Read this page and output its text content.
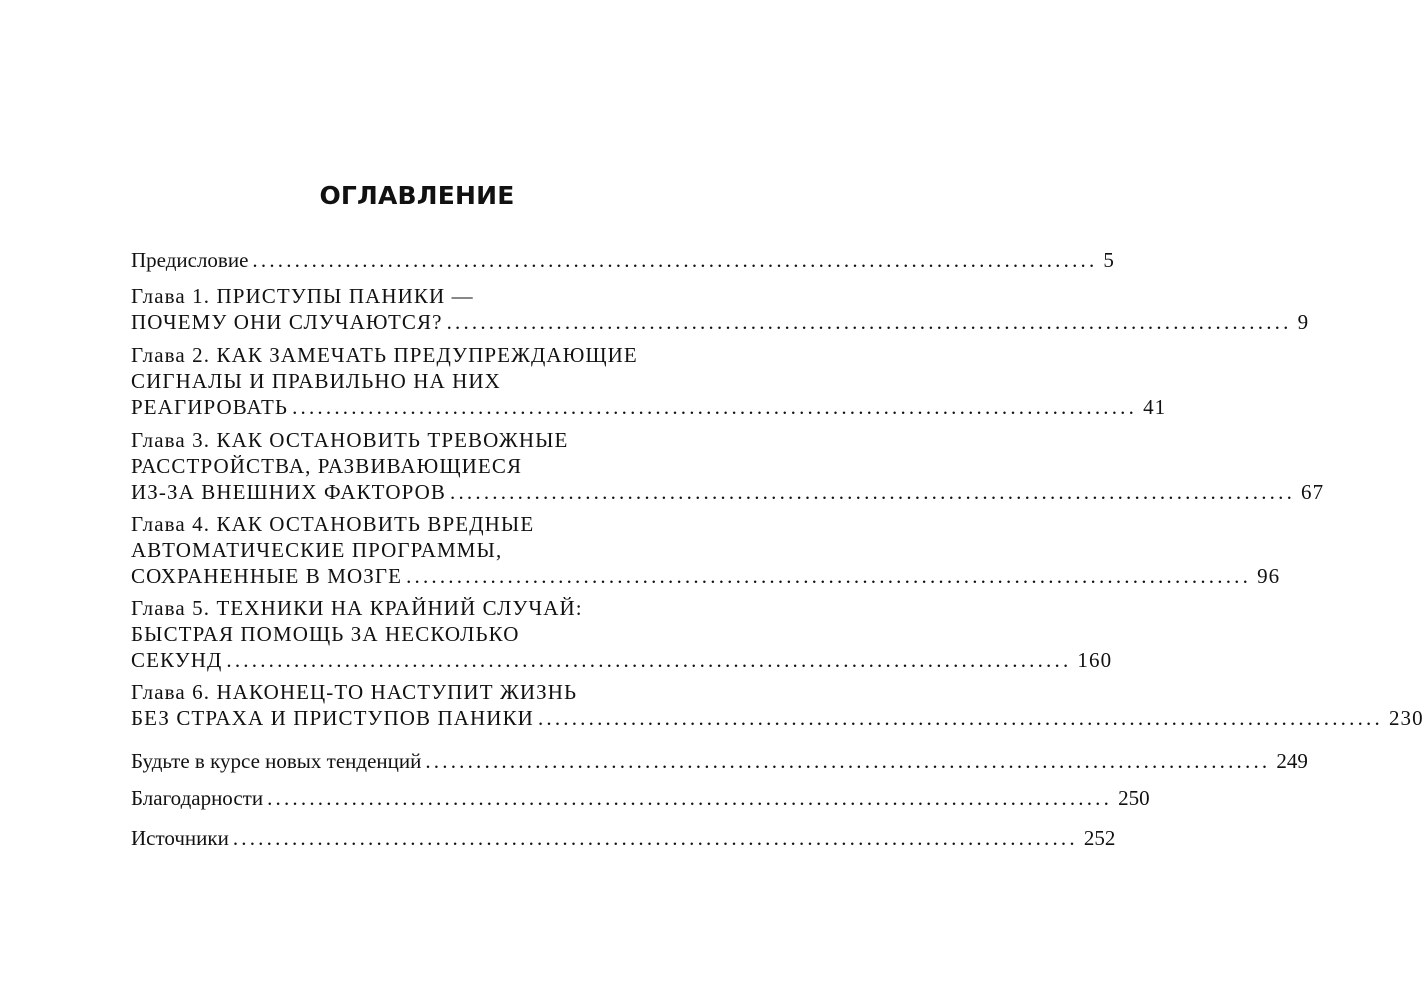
ОГЛАВЛЕНИЕ
Предисловие .................................................................................................... 5
Глава 1. ПРИСТУПЫ ПАНИКИ —
ПОЧЕМУ ОНИ СЛУЧАЮТСЯ? .................................................................................................... 9
Глава 2. КАК ЗАМЕЧАТЬ ПРЕДУПРЕЖДАЮЩИЕ
СИГНАЛЫ И ПРАВИЛЬНО НА НИХ
РЕАГИРОВАТЬ .................................................................................................... 41
Глава 3. КАК ОСТАНОВИТЬ ТРЕВОЖНЫЕ
РАССТРОЙСТВА, РАЗВИВАЮЩИЕСЯ
ИЗ-ЗА ВНЕШНИХ ФАКТОРОВ .................................................................................................... 67
Глава 4. КАК ОСТАНОВИТЬ ВРЕДНЫЕ
АВТОМАТИЧЕСКИЕ ПРОГРАММЫ,
СОХРАНЕННЫЕ В МОЗГЕ .................................................................................................... 96
Глава 5. ТЕХНИКИ НА КРАЙНИЙ СЛУЧАЙ:
БЫСТРАЯ ПОМОЩЬ ЗА НЕСКОЛЬКО
СЕКУНД .................................................................................................... 160
Глава 6. НАКОНЕЦ-ТО НАСТУПИТ ЖИЗНЬ
БЕЗ СТРАХА И ПРИСТУПОВ ПАНИКИ .................................................................................................... 230
Будьте в курсе новых тенденций .................................................................................................... 249
Благодарности .................................................................................................... 250
Источники .................................................................................................... 252
